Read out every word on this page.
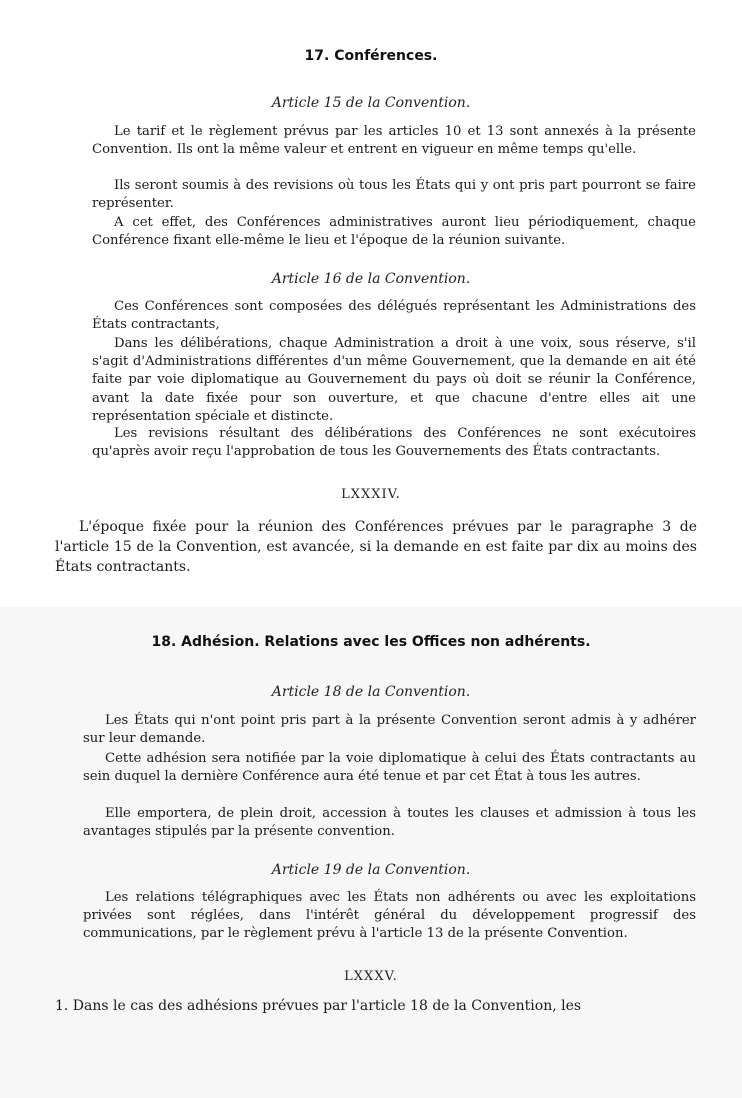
17. Conférences.
Article 15 de la Convention.

Le tarif et le règlement prévus par les articles 10 et 13 sont annexés à la présente Convention. Ils ont la même valeur et entrent en vigueur en même temps qu'elle.

Ils seront soumis à des revisions où tous les États qui y ont pris part pourront se faire représenter.

A cet effet, des Conférences administratives auront lieu périodiquement, chaque Conférence fixant elle-même le lieu et l'époque de la réunion suivante.

Article 16 de la Convention.

Ces Conférences sont composées des délégués représentant les Administrations des États contractants,

Dans les délibérations, chaque Administration a droit à une voix, sous réserve, s'il s'agit d'Administrations différentes d'un même Gouvernement, que la demande en ait été faite par voie diplomatique au Gouvernement du pays où doit se réunir la Conférence, avant la date fixée pour son ouverture, et que chacune d'entre elles ait une représentation spéciale et distincte.

Les revisions résultant des délibérations des Conférences ne sont exécutoires qu'après avoir reçu l'approbation de tous les Gouvernements des États contractants.

LXXXIV.

L'époque fixée pour la réunion des Conférences prévues par le paragraphe 3 de l'article 15 de la Convention, est avancée, si la demande en est faite par dix au moins des États contractants.

18. Adhésion. Relations avec les Offices non adhérents.
Article 18 de la Convention.

Les États qui n'ont point pris part à la présente Convention seront admis à y adhérer sur leur demande.

Cette adhésion sera notifiée par la voie diplomatique à celui des États contractants au sein duquel la dernière Conférence aura été tenue et par cet État à tous les autres.

Elle emportera, de plein droit, accession à toutes les clauses et admission à tous les avantages stipulés par la présente convention.

Article 19 de la Convention.

Les relations télégraphiques avec les États non adhérents ou avec les exploitations privées sont réglées, dans l'intérêt général du développement progressif des communications, par le règlement prévu à l'article 13 de la présente Convention.

LXXXV.

1. Dans le cas des adhésions prévues par l'article 18 de la Convention, les
